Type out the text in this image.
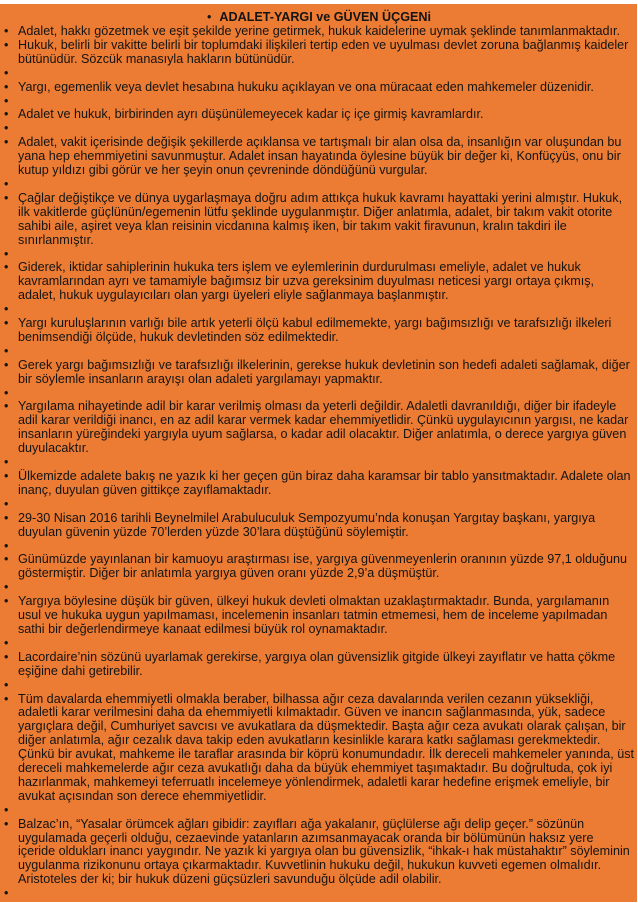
• ADALET-YARGI ve GÜVEN ÜÇGENi
• Adalet, hakkı gözetmek ve eşit şekilde yerine getirmek, hukuk kaidelerine uymak şeklinde tanımlanmaktadır.
• Hukuk, belirli bir vakitte belirli bir toplumdaki ilişkileri tertip eden ve uyulması devlet zoruna bağlanmış kaideler bütünüdür. Sözcük manasıyla hakların bütünüdür.
•
• Yargı, egemenlik veya devlet hesabına hukuku açıklayan ve ona müracaat eden mahkemeler düzenidir.
•
• Adalet ve hukuk, birbirinden ayrı düşünülemeyecek kadar iç içe girmiş kavramlardır.
•
• Adalet, vakit içerisinde değişik şekillerde açıklansa ve tartışmalı bir alan olsa da, insanlığın var oluşundan bu yana hep ehemmiyetini savunmuştur. Adalet insan hayatında öylesine büyük bir değer ki, Konfüçyüs, onu bir kutup yıldızı gibi görür ve her şeyin onun çevreninde döndüğünü vurgular.
•
• Çağlar değiştikçe ve dünya uygarlaşmaya doğru adım attıkça hukuk kavramı hayattaki yerini almıştır. Hukuk, ilk vakitlerde güçlünün/egemenin lütfu şeklinde uygulanmıştır. Diğer anlatımla, adalet, bir takım vakit otorite sahibi aile, aşiret veya klan reisinin vicdanına kalmış iken, bir takım vakit firavunun, kralın takdiri ile sınırlanmıştır.
•
• Giderek, iktidar sahiplerinin hukuka ters işlem ve eylemlerinin durdurulması emeliyle, adalet ve hukuk kavramlarından ayrı ve tamamiyle bağımsız bir uzva gereksinim duyulması neticesi yargı ortaya çıkmış, adalet, hukuk uygulayıcıları olan yargı üyeleri eliyle sağlanmaya başlanmıştır.
•
• Yargı kuruluşlarının varlığı bile artık yeterli ölçü kabul edilmemekte, yargı bağımsızlığı ve tarafsızlığı ilkeleri benimsendiği ölçüde, hukuk devletinden söz edilmektedir.
•
• Gerek yargı bağımsızlığı ve tarafsızlığı ilkelerinin, gerekse hukuk devletinin son hedefi adaleti sağlamak, diğer bir söylemle insanların arayışı olan adaleti yargılamayı yapmaktır.
•
• Yargılama nihayetinde adil bir karar verilmiş olması da yeterli değildir. Adaletli davranıldığı, diğer bir ifadeyle adil karar verildiği inancı, en az adil karar vermek kadar ehemmiyetlidir. Çünkü uygulayıcının yargısı, ne kadar insanların yüreğindeki yargıyla uyum sağlarsa, o kadar adil olacaktır. Diğer anlatımla, o derece yargıya güven duyulacaktır.
•
• Ülkemizde adalete bakış ne yazık ki her geçen gün biraz daha karamsar bir tablo yansıtmaktadır. Adalete olan inanç, duyulan güven gittikçe zayıflamaktadır.
•
• 29-30 Nisan 2016 tarihli Beynelmilel Arabuluculuk Sempozyumu’nda konuşan Yargıtay başkanı, yargıya duyulan güvenin yüzde 70’lerden yüzde 30’lara düştüğünü söylemiştir.
•
• Günümüzde yayınlanan bir kamuoyu araştırması ise, yargıya güvenmeyenlerin oranının yüzde 97,1 olduğunu göstermiştir. Diğer bir anlatımla yargıya güven oranı yüzde 2,9’a düşmüştür.
•
• Yargıya böylesine düşük bir güven, ülkeyi hukuk devleti olmaktan uzaklaştırmaktadır. Bunda, yargılamanın usul ve hukuka uygun yapılmaması, incelemenin insanları tatmin etmemesi, hem de inceleme yapılmadan sathi bir değerlendirmeye kanaat edilmesi büyük rol oynamaktadır.
•
• Lacordaire’nin sözünü uyarlamak gerekirse, yargıya olan güvensizlik gitgide ülkeyi zayıflatır ve hatta çökme eşiğine dahi getirebilir.
•
• Tüm davalarda ehemmiyetli olmakla beraber, bilhassa ağır ceza davalarında verilen cezanın yüksekliği, adaletli karar verilmesini daha da ehemmiyetli kılmaktadır. Güven ve inancın sağlanmasında, yük, sadece yargıçlara değil, Cumhuriyet savcısı ve avukatlara da düşmektedir. Başta ağır ceza avukatı olarak çalışan, bir diğer anlatımla, ağır cezalık dava takip eden avukatların kesinlikle karara katkı sağlaması gerekmektedir. Çünkü bir avukat, mahkeme ile taraflar arasında bir köprü konumundadır. İlk dereceli mahkemeler yanında, üst dereceli mahkemelerde ağır ceza avukatlığı daha da büyük ehemmiyet taşımaktadır. Bu doğrultuda, çok iyi hazırlanmak, mahkemeyi teferruatlı incelemeye yönlendirmek, adaletli karar hedefine erişmek emeliyle, bir avukat açısından son derece ehemmiyetlidir.
•
• Balzac’ın, “Yasalar örümcek ağları gibidir: zayıfları ağa yakalanır, güçlülerse ağı delip geçer.” sözünün uygulamada geçerli olduğu, cezaevinde yatanların azımsanmayacak oranda bir bölümünün haksız yere içeride oldukları inancı yaygındır. Ne yazık ki yargıya olan bu güvensizlik, “ihkak-ı hak müstahaktır” söyleminin uygulanma rizikonunu ortaya çıkarmaktadır. Kuvvetlinin hukuku değil, hukukun kuvveti egemen olmalıdır. Aristoteles der ki; bir hukuk düzeni güçsüzleri savunduğu ölçüde adil olabilir.
•
